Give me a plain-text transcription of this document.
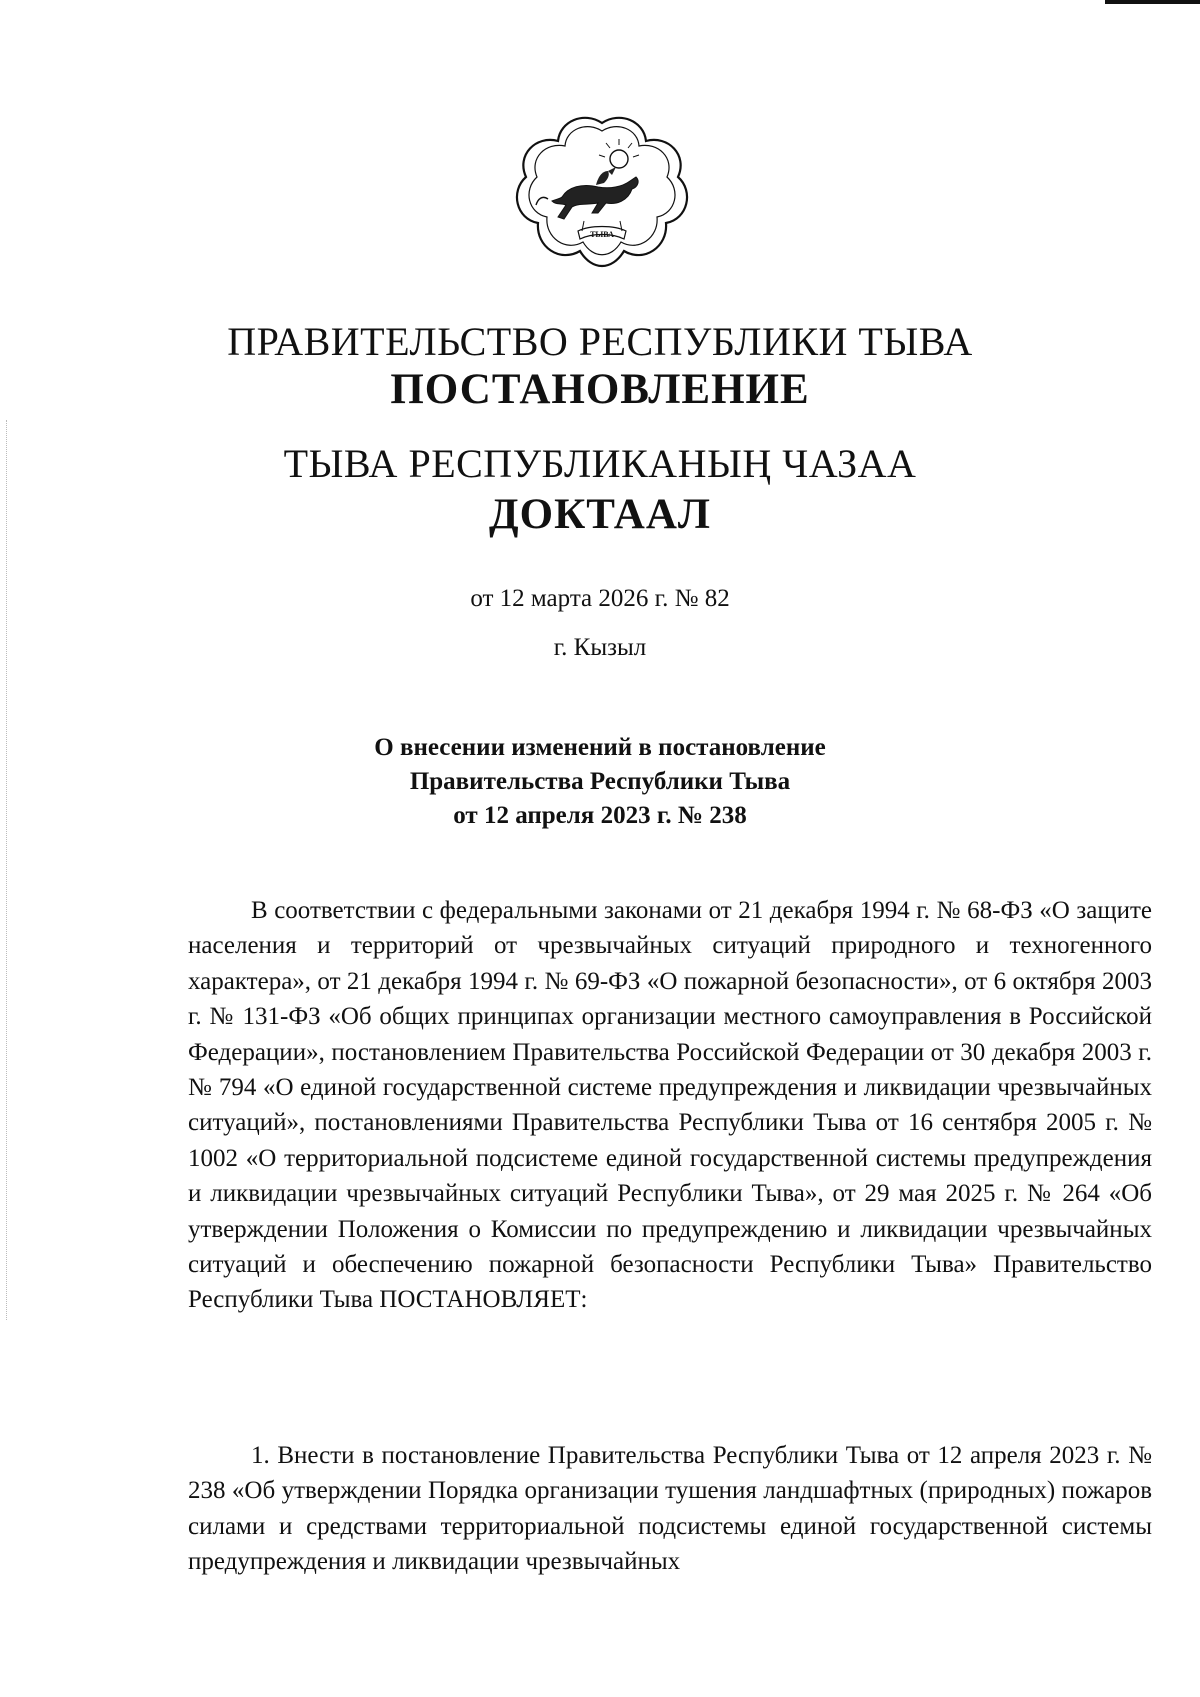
ТЫВА
ПРАВИТЕЛЬСТВО РЕСПУБЛИКИ ТЫВА
ПОСТАНОВЛЕНИЕ
ТЫВА РЕСПУБЛИКАНЫҢ ЧАЗАА
ДОКТААЛ
от 12 марта 2026 г. № 82
г. Кызыл
О внесении изменений в постановление
Правительства Республики Тыва
от 12 апреля 2023 г. № 238

В соответствии с федеральными законами от 21 декабря 1994 г. № 68-ФЗ «О защите населения и территорий от чрезвычайных ситуаций природного и техногенного характера», от 21 декабря 1994 г. № 69-ФЗ «О пожарной безопасности», от 6 октября 2003 г. № 131-ФЗ «Об общих принципах организации местного самоуправления в Российской Федерации», постановлением Правительства Российской Федерации от 30 декабря 2003 г. № 794 «О единой государственной системе предупреждения и ликвидации чрезвычайных ситуаций», постановлениями Правительства Республики Тыва от 16 сентября 2005 г. № 1002 «О территориальной подсистеме единой государственной системы предупреждения и ликвидации чрезвычайных ситуаций Республики Тыва», от 29 мая 2025 г. № 264 «Об утверждении Положения о Комиссии по предупреждению и ликвидации чрезвычайных ситуаций и обеспечению пожарной безопасности Республики Тыва» Правительство Республики Тыва ПОСТАНОВЛЯЕТ:

1. Внести в постановление Правительства Республики Тыва от 12 апреля 2023 г. № 238 «Об утверждении Порядка организации тушения ландшафтных (природных) пожаров силами и средствами территориальной подсистемы единой государственной системы предупреждения и ликвидации чрезвычайных
